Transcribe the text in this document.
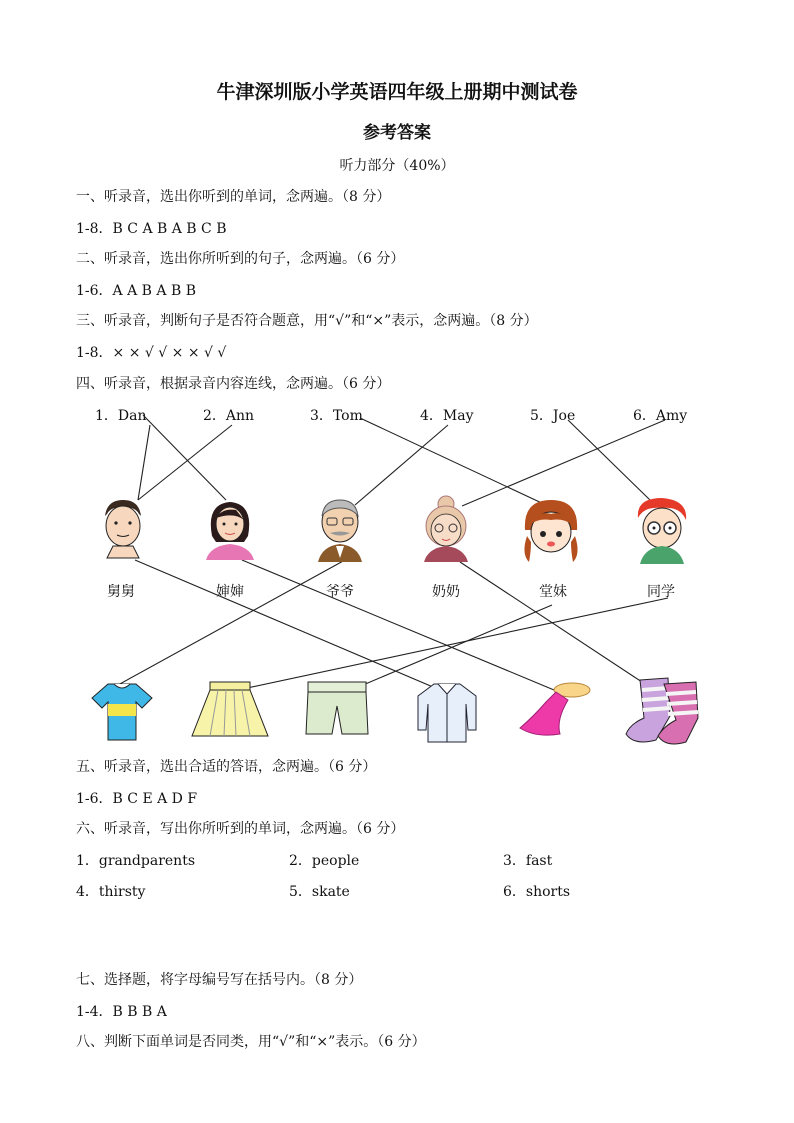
牛津深圳版小学英语四年级上册期中测试卷
参考答案
听力部分（40%）
一、听录音，选出你听到的单词，念两遍。（8 分）
1-8．B C A B A B C B
二、听录音，选出你所听到的句子，念两遍。（6 分）
1-6．A A B A B B
三、听录音，判断句子是否符合题意，用“√”和“×”表示，念两遍。（8 分）
1-8．× × √ √ × × √ √
四、听录音，根据录音内容连线，念两遍。（6 分）
1．Dan	2．Ann	3．Tom	4．May	5．Joe	6．Amy
舅舅	婶婶	爷爷	奶奶	堂妹	同学
五、听录音，选出合适的答语，念两遍。（6 分）
1-6．B C E A D F
六、听录音，写出你所听到的单词，念两遍。（6 分）
1．grandparents	2．people	3．fast
4．thirsty	5．skate	6．shorts
七、选择题，将字母编号写在括号内。（8 分）
1-4．B B B A
八、判断下面单词是否同类，用“√”和“×”表示。（6 分）
